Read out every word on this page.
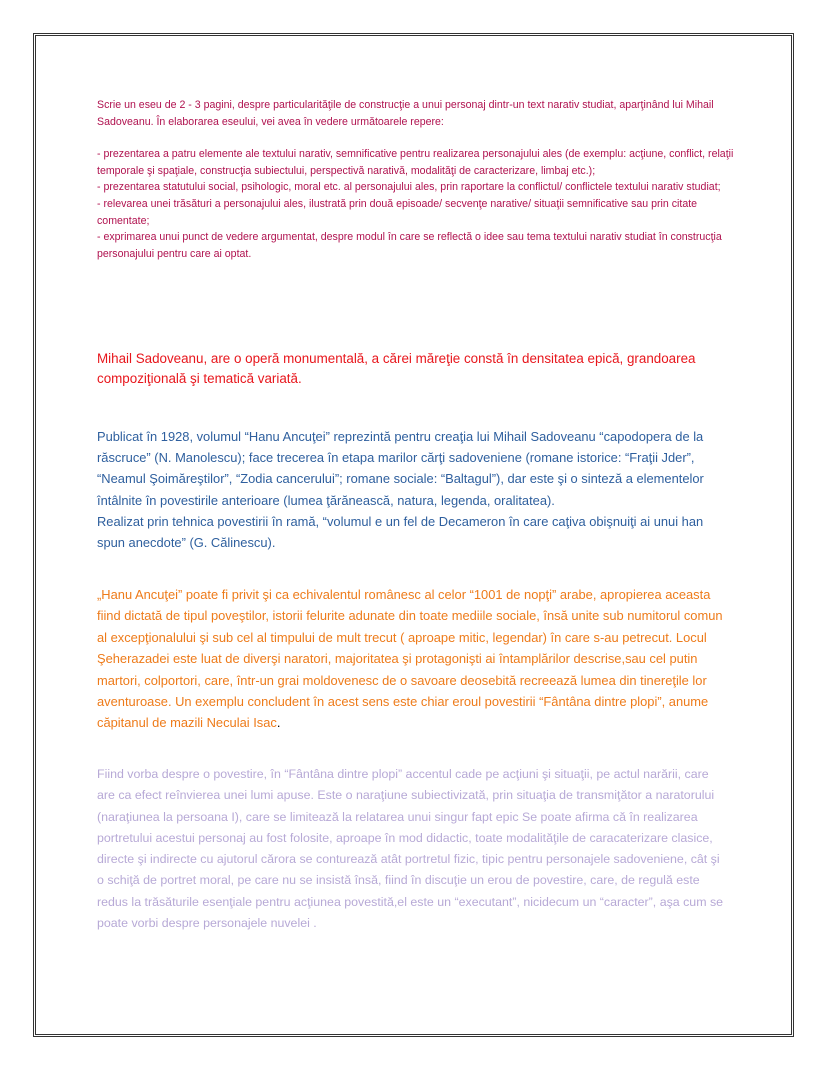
Scrie un eseu de 2 - 3 pagini, despre particularităţile de construcţie a unui personaj dintr-un text narativ studiat, aparţinând lui Mihail Sadoveanu. În elaborarea eseului, vei avea în vedere următoarele repere:

- prezentarea a patru elemente ale textului narativ, semnificative pentru realizarea personajului ales (de exemplu: acţiune, conflict, relaţii temporale şi spaţiale, construcţia subiectului, perspectivă narativă, modalităţi de caracterizare, limbaj etc.);

- prezentarea statutului social, psihologic, moral etc. al personajului ales, prin raportare la conflictul/ conflictele textului narativ studiat;

- relevarea unei trăsături a personajului ales, ilustrată prin două episoade/ secvenţe narative/ situaţii semnificative sau prin citate comentate;

- exprimarea unui punct de vedere argumentat, despre modul în care se reflectă o idee sau tema textului narativ studiat în construcţia personajului pentru care ai optat.

Mihail Sadoveanu, are o operă monumentală, a cărei măreţie constă în densitatea epică, grandoarea compoziţională şi tematică variată.

Publicat în 1928, volumul “Hanu Ancuţei” reprezintă pentru creaţia lui Mihail Sadoveanu “capodopera de la răscruce” (N. Manolescu); face trecerea în etapa marilor cărţi sadoveniene (romane istorice: “Fraţii Jder”, “Neamul Şoimăreştilor”, “Zodia cancerului”; romane sociale: “Baltagul”), dar este şi o sinteză a elementelor întâlnite în povestirile anterioare (lumea ţărănească, natura, legenda, oralitatea).

Realizat prin tehnica povestirii în ramă, “volumul e un fel de Decameron în care caţiva obişnuiţi ai unui han spun anecdote” (G. Călinescu).

„Hanu Ancuţei” poate fi privit şi ca echivalentul românesc al celor “1001 de nopţi” arabe, apropierea aceasta fiind dictată de tipul poveştilor, istorii felurite adunate din toate mediile sociale, însă unite sub numitorul comun al excepţionalului şi sub cel al timpului de mult trecut ( aproape mitic, legendar) în care s-au petrecut. Locul Şeherazadei este luat de diverşi naratori, majoritatea şi protagonişti ai întamplărilor descrise,sau cel putin martori, colportori, care, într-un grai moldovenesc de o savoare deosebită recreează lumea din tinereţile lor aventuroase. Un exemplu concludent în acest sens este chiar eroul povestirii “Fântâna dintre plopi”, anume căpitanul de mazili Neculai Isac.

Fiind vorba despre o povestire, în “Fântâna dintre plopi” accentul cade pe acţiuni şi situaţii, pe actul narării, care are ca efect reînvierea unei lumi apuse. Este o naraţiune subiectivizată, prin situaţia de transmiţător a naratorului (naraţiunea la persoana I), care se limitează la relatarea unui singur fapt epic Se poate afirma că în realizarea portretului acestui personaj au fost folosite, aproape în mod didactic, toate modalităţile de caracaterizare clasice, directe şi indirecte cu ajutorul cărora se conturează atât portretul fizic, tipic pentru personajele sadoveniene, cât şi o schiţă de portret moral, pe care nu se insistă însă, fiind în discuţie un erou de povestire, care, de regulă este redus la trăsăturile esenţiale pentru acţiunea povestită,el este un “executant”, nicidecum un “caracter”, aşa cum se poate vorbi despre personajele nuvelei .
